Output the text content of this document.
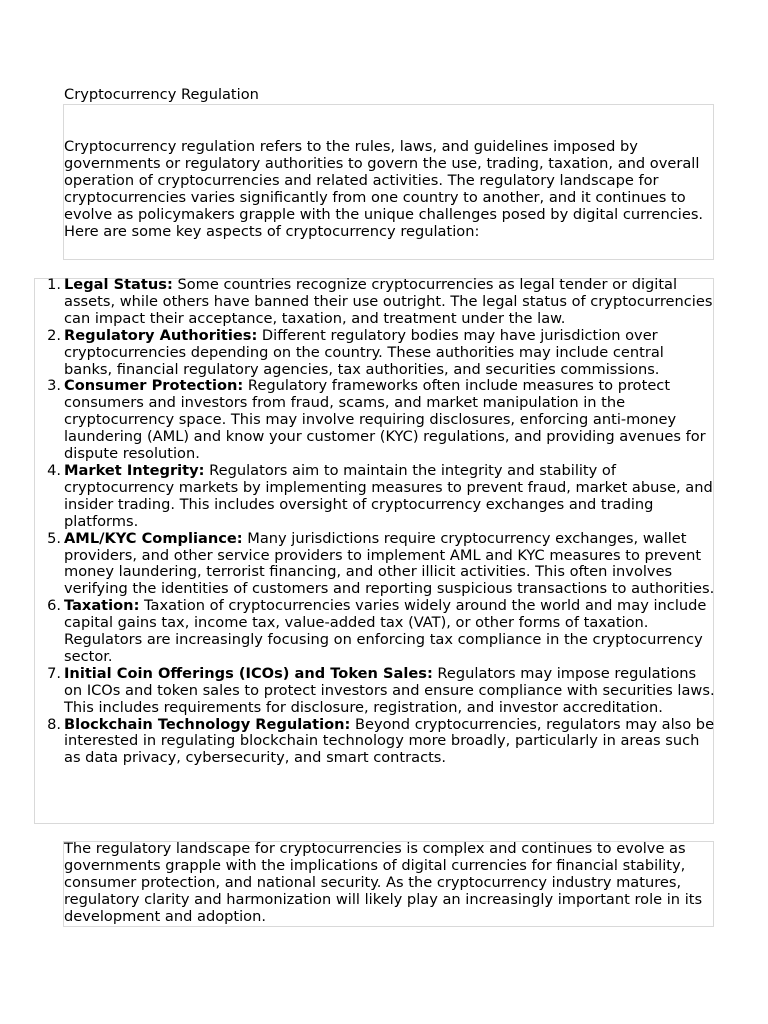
Cryptocurrency Regulation

Cryptocurrency regulation refers to the rules, laws, and guidelines imposed by governments or regulatory authorities to govern the use, trading, taxation, and overall operation of cryptocurrencies and related activities. The regulatory landscape for cryptocurrencies varies significantly from one country to another, and it continues to evolve as policymakers grapple with the unique challenges posed by digital currencies. Here are some key aspects of cryptocurrency regulation:

1. Legal Status: Some countries recognize cryptocurrencies as legal tender or digital assets, while others have banned their use outright. The legal status of cryptocurrencies can impact their acceptance, taxation, and treatment under the law.
2. Regulatory Authorities: Different regulatory bodies may have jurisdiction over cryptocurrencies depending on the country. These authorities may include central banks, financial regulatory agencies, tax authorities, and securities commissions.
3. Consumer Protection: Regulatory frameworks often include measures to protect consumers and investors from fraud, scams, and market manipulation in the cryptocurrency space. This may involve requiring disclosures, enforcing anti-money laundering (AML) and know your customer (KYC) regulations, and providing avenues for dispute resolution.
4. Market Integrity: Regulators aim to maintain the integrity and stability of cryptocurrency markets by implementing measures to prevent fraud, market abuse, and insider trading. This includes oversight of cryptocurrency exchanges and trading platforms.
5. AML/KYC Compliance: Many jurisdictions require cryptocurrency exchanges, wallet providers, and other service providers to implement AML and KYC measures to prevent money laundering, terrorist financing, and other illicit activities. This often involves verifying the identities of customers and reporting suspicious transactions to authorities.
6. Taxation: Taxation of cryptocurrencies varies widely around the world and may include capital gains tax, income tax, value-added tax (VAT), or other forms of taxation. Regulators are increasingly focusing on enforcing tax compliance in the cryptocurrency sector.
7. Initial Coin Offerings (ICOs) and Token Sales: Regulators may impose regulations on ICOs and token sales to protect investors and ensure compliance with securities laws. This includes requirements for disclosure, registration, and investor accreditation.
8. Blockchain Technology Regulation: Beyond cryptocurrencies, regulators may also be interested in regulating blockchain technology more broadly, particularly in areas such as data privacy, cybersecurity, and smart contracts.

The regulatory landscape for cryptocurrencies is complex and continues to evolve as governments grapple with the implications of digital currencies for financial stability, consumer protection, and national security. As the cryptocurrency industry matures, regulatory clarity and harmonization will likely play an increasingly important role in its development and adoption.
